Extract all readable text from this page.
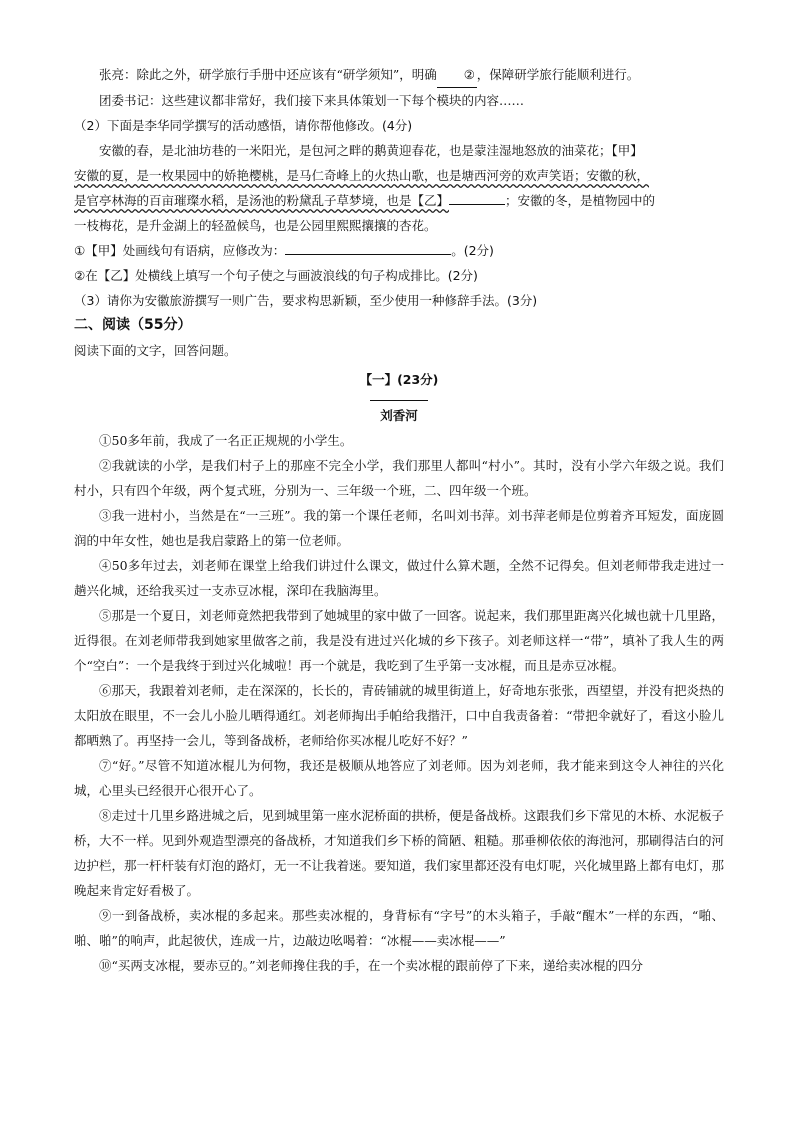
张亮：除此之外，研学旅行手册中还应该有“研学须知”，明确 ② ，保障研学旅行能顺利进行。

团委书记：这些建议都非常好，我们接下来具体策划一下每个模块的内容……

（2）下面是李华同学撰写的活动感悟，请你帮他修改。(4分)

安徽的春，是北油坊巷的一米阳光，是包河之畔的鹅黄迎春花，也是蒙洼湿地怒放的油菜花；【甲】

安徽的夏，是一枚果园中的娇艳樱桃，是马仁奇峰上的火热山歌，也是塘西河旁的欢声笑语；安徽的秋，

是官亭林海的百亩璀璨水稻，是汤池的粉黛乱子草梦境，也是【乙】	；安徽的冬，是植物园中的

一枝梅花，是升金湖上的轻盈候鸟，也是公园里熙熙攘攘的杏花。

①【甲】处画线句有语病，应修改为：	。(2分)

②在【乙】处横线上填写一个句子使之与画波浪线的句子构成排比。(2分)

（3）请你为安徽旅游撰写一则广告，要求构思新颖，至少使用一种修辞手法。(3分)

二、阅读（55分）

阅读下面的文字，回答问题。

【一】(23分)

刘香河

①50多年前，我成了一名正正规规的小学生。

②我就读的小学，是我们村子上的那座不完全小学，我们那里人都叫“村小”。其时，没有小学六年级之说。我们村小，只有四个年级，两个复式班，分别为一、三年级一个班，二、四年级一个班。

③我一进村小，当然是在“一三班”。我的第一个课任老师，名叫刘书萍。刘书萍老师是位剪着齐耳短发，面庞圆润的中年女性，她也是我启蒙路上的第一位老师。

④50多年过去，刘老师在课堂上给我们讲过什么课文，做过什么算术题，全然不记得矣。但刘老师带我走进过一趟兴化城，还给我买过一支赤豆冰棍，深印在我脑海里。

⑤那是一个夏日，刘老师竟然把我带到了她城里的家中做了一回客。说起来，我们那里距离兴化城也就十几里路，近得很。在刘老师带我到她家里做客之前，我是没有进过兴化城的乡下孩子。刘老师这样一“带”，填补了我人生的两个“空白”：一个是我终于到过兴化城啦！再一个就是，我吃到了生乎第一支冰棍，而且是赤豆冰棍。

⑥那天，我跟着刘老师，走在深深的，长长的，青砖铺就的城里街道上，好奇地东张张，西望望，并没有把炎热的太阳放在眼里，不一会儿小脸儿晒得通红。刘老师掏出手帕给我揩汗，口中自我责备着：“带把伞就好了，看这小脸儿都晒熟了。再坚持一会儿，等到备战桥，老师给你买冰棍儿吃好不好？”

⑦“好。”尽管不知道冰棍儿为何物，我还是极顺从地答应了刘老师。因为刘老师，我才能来到这令人神往的兴化城，心里头已经很开心很开心了。

⑧走过十几里乡路进城之后，见到城里第一座水泥桥面的拱桥，便是备战桥。这跟我们乡下常见的木桥、水泥板子桥，大不一样。见到外观造型漂亮的备战桥，才知道我们乡下桥的简陋、粗糙。那垂柳依依的海池河，那刷得洁白的河边护栏，那一杆杆装有灯泡的路灯，无一不让我着迷。要知道，我们家里都还没有电灯呢，兴化城里路上都有电灯，那晚起来肯定好看极了。

⑨一到备战桥，卖冰棍的多起来。那些卖冰棍的，身背标有“字号”的木头箱子，手敲“醒木”一样的东西，“啪、啪、啪”的响声，此起彼伏，连成一片，边敲边吆喝着：“冰棍——卖冰棍——”

⑩“买两支冰棍，要赤豆的。”刘老师搀住我的手，在一个卖冰棍的跟前停了下来，递给卖冰棍的四分
